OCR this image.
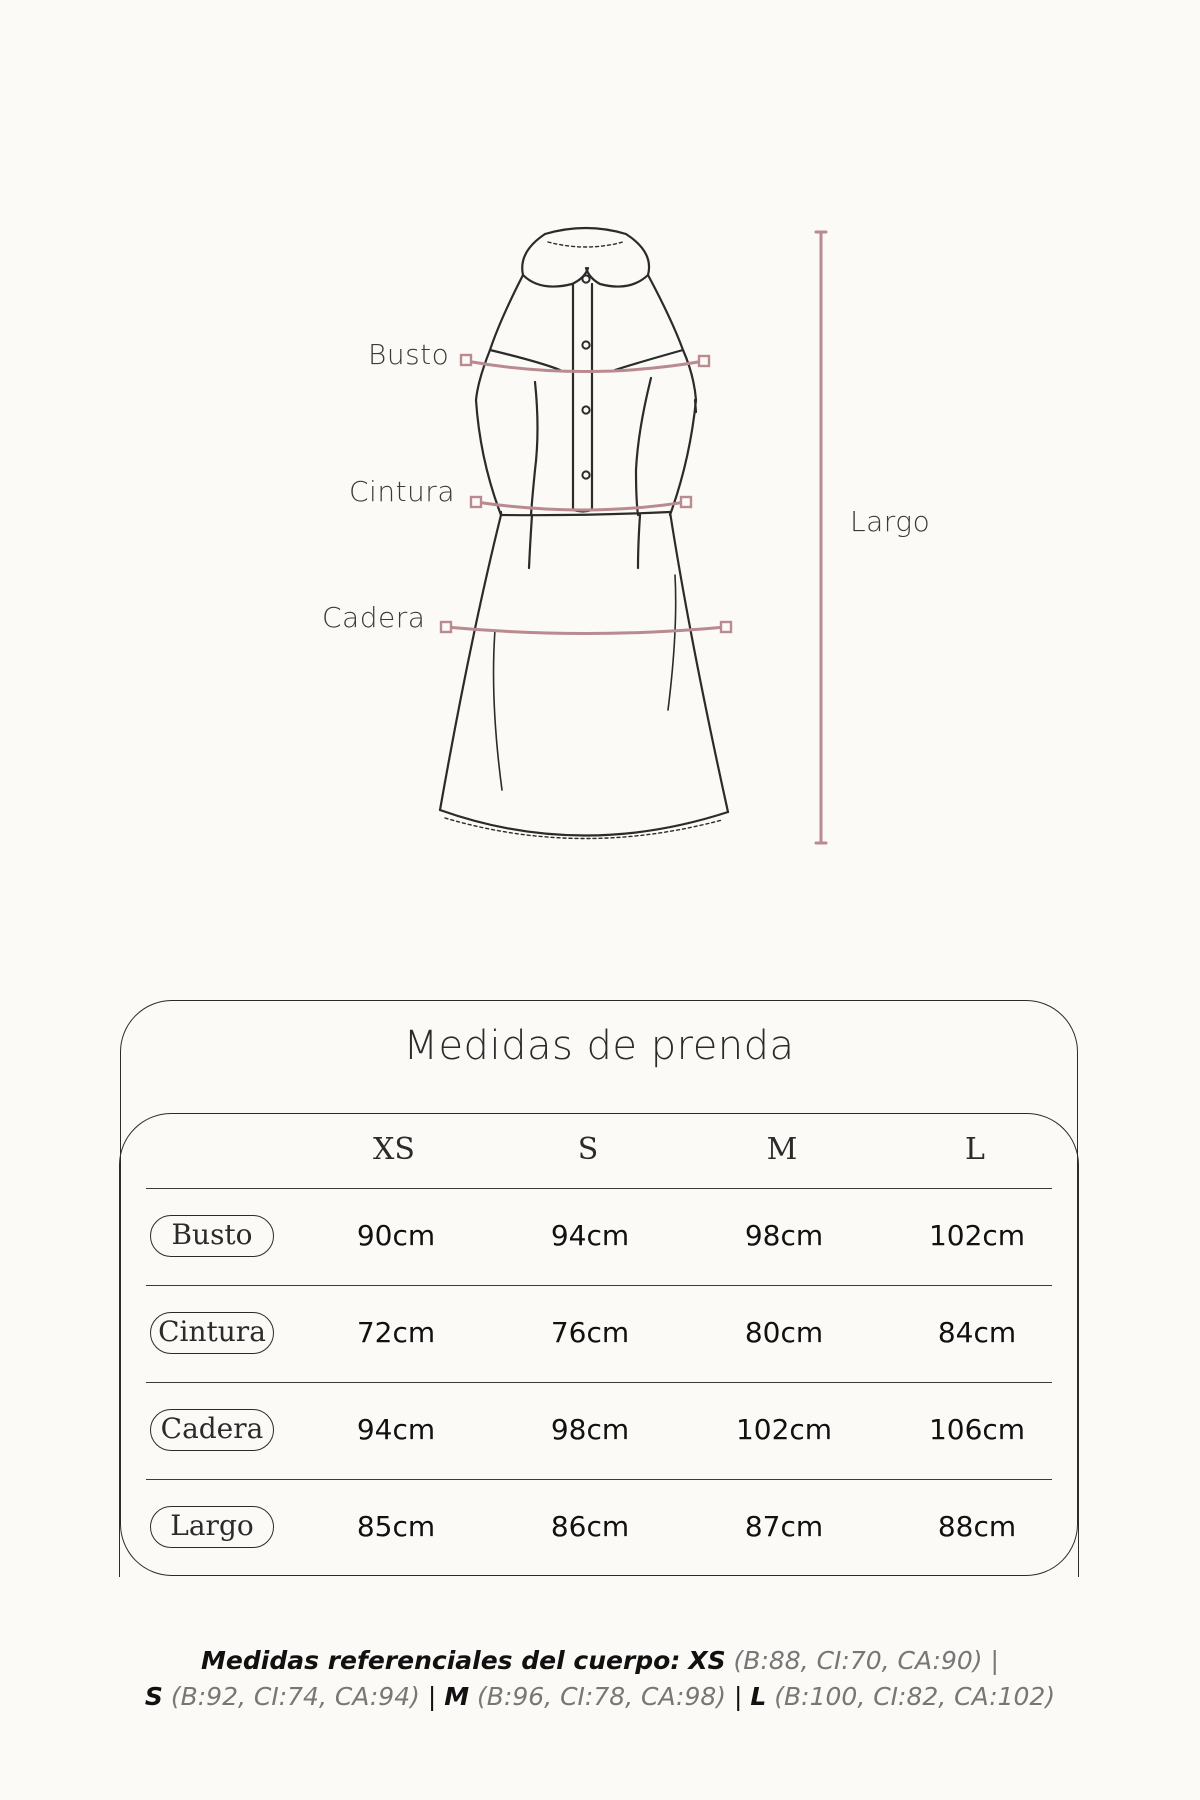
Busto
Cintura
Cadera
Largo
Medidas de prenda
XS	S	M	L
Busto	90cm	94cm	98cm	102cm
Cintura	72cm	76cm	80cm	84cm
Cadera	94cm	98cm	102cm	106cm
Largo	85cm	86cm	87cm	88cm
Medidas referenciales del cuerpo: XS (B:88, CI:70, CA:90) |
S (B:92, CI:74, CA:94) | M (B:96, CI:78, CA:98) | L (B:100, CI:82, CA:102)
